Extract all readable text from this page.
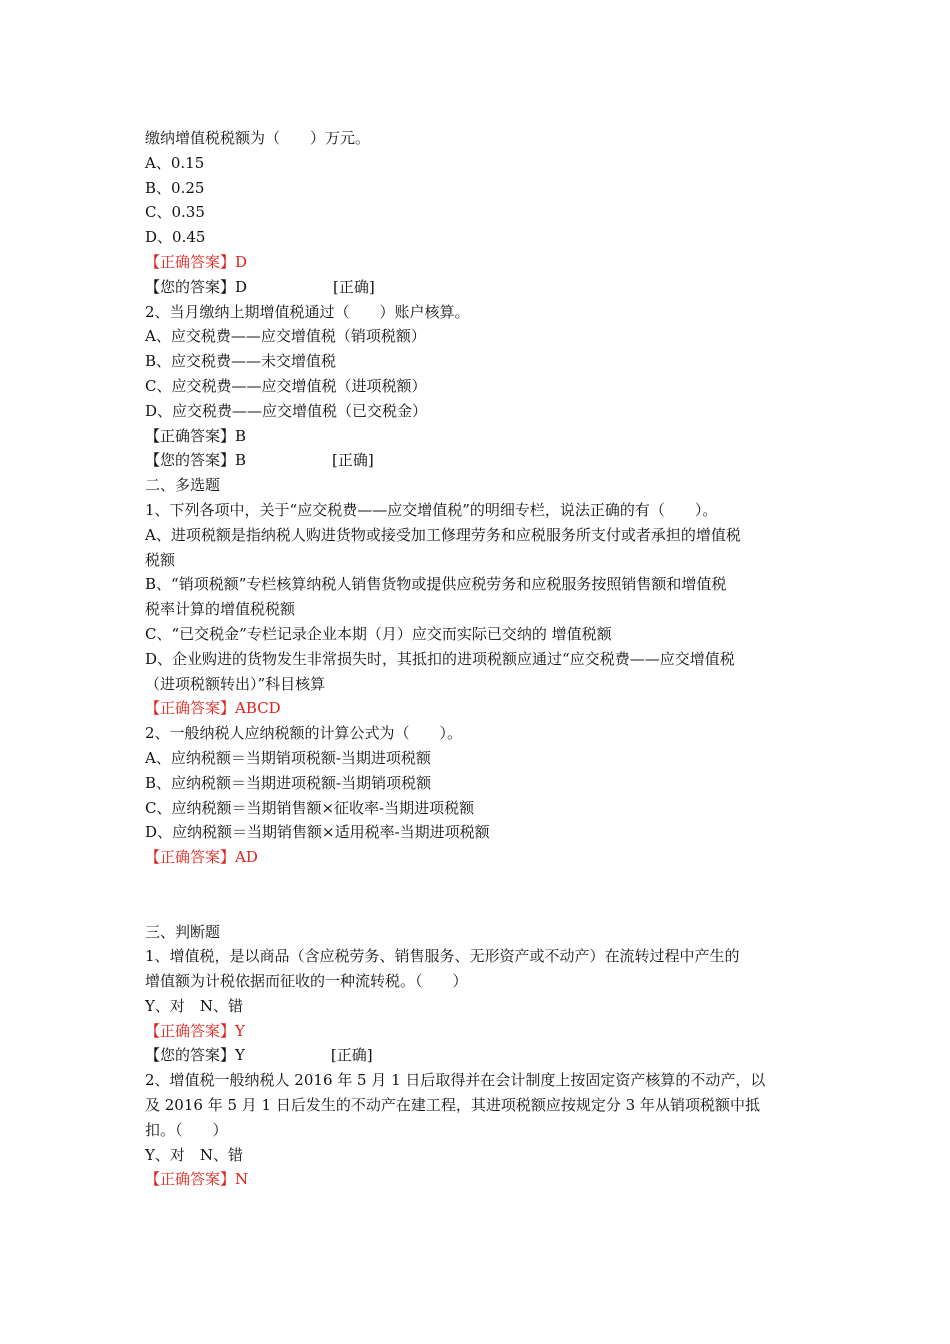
缴纳增值税税额为（　　）万元。

A、0.15

B、0.25

C、0.35

D、0.45

【正确答案】D

【您的答案】D	[正确]

2、当月缴纳上期增值税通过（　　）账户核算。

A、应交税费——应交增值税（销项税额）

B、应交税费——未交增值税

C、应交税费——应交增值税（进项税额）

D、应交税费——应交增值税（已交税金）

【正确答案】B

【您的答案】B	[正确]

二、多选题

1、下列各项中，关于“应交税费——应交增值税”的明细专栏，说法正确的有（　　）。

A、进项税额是指纳税人购进货物或接受加工修理劳务和应税服务所支付或者承担的增值税

税额

B、“销项税额”专栏核算纳税人销售货物或提供应税劳务和应税服务按照销售额和增值税

税率计算的增值税税额

C、“已交税金”专栏记录企业本期（月）应交而实际已交纳的 增值税额

D、企业购进的货物发生非常损失时，其抵扣的进项税额应通过“应交税费——应交增值税

（进项税额转出）”科目核算

【正确答案】ABCD

2、一般纳税人应纳税额的计算公式为（　　）。

A、应纳税额＝当期销项税额-当期进项税额

B、应纳税额＝当期进项税额-当期销项税额

C、应纳税额＝当期销售额×征收率-当期进项税额

D、应纳税额＝当期销售额×适用税率-当期进项税额

【正确答案】AD

三、判断题

1、增值税，是以商品（含应税劳务、销售服务、无形资产或不动产）在流转过程中产生的

增值额为计税依据而征收的一种流转税。（　　）

Y、对　N、错

【正确答案】Y

【您的答案】Y	[正确]

2、增值税一般纳税人 2016 年 5 月 1 日后取得并在会计制度上按固定资产核算的不动产，以

及 2016 年 5 月 1 日后发生的不动产在建工程，其进项税额应按规定分 3 年从销项税额中抵

扣。（　　）

Y、对　N、错

【正确答案】N
